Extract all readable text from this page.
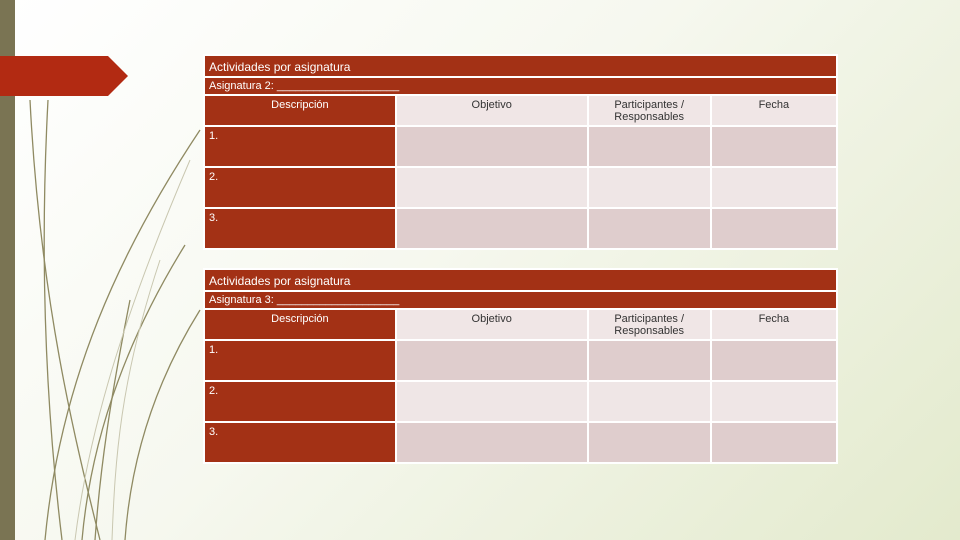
Actividades por asignatura			
Asignatura 2: ____________________			
Descripción	Objetivo	Participantes / Responsables	Fecha
1.			
2.			
3.			
Actividades por asignatura			
Asignatura 3: ____________________			
Descripción	Objetivo	Participantes / Responsables	Fecha
1.			
2.			
3.			
